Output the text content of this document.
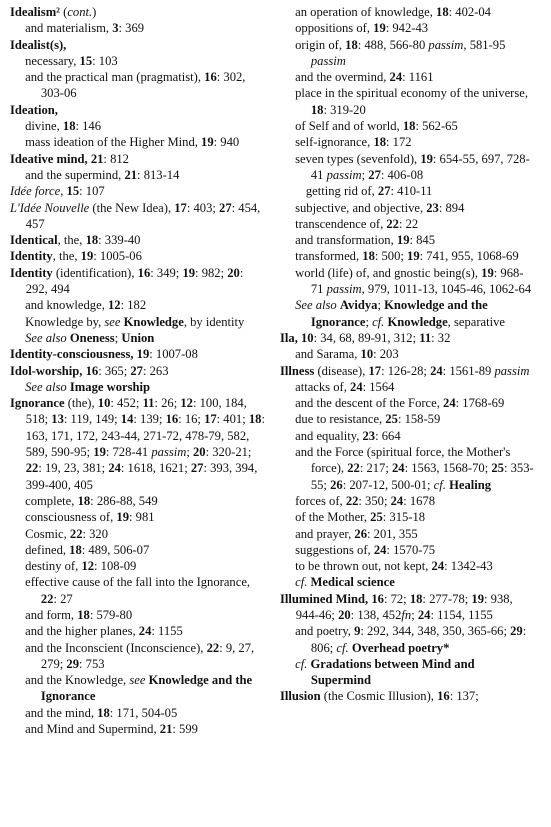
Idealism² (cont.)
and materialism, 3: 369
Idealist(s),
necessary, 15: 103
and the practical man (pragmatist), 16: 302, 303-06
Ideation,
divine, 18: 146
mass ideation of the Higher Mind, 19: 940
Ideative mind, 21: 812
and the supermind, 21: 813-14
Idée force, 15: 107
L'Idée Nouvelle (the New Idea), 17: 403; 27: 454, 457
Identical, the, 18: 339-40
Identity, the, 19: 1005-06
Identity (identification), 16: 349; 19: 982; 20: 292, 494
and knowledge, 12: 182
Knowledge by, see Knowledge, by identity
See also Oneness; Union
Identity-consciousness, 19: 1007-08
Idol-worship, 16: 365; 27: 263
See also Image worship
Ignorance (the), 10: 452; 11: 26; 12: 100, 184, 518; 13: 119, 149; 14: 139; 16: 16; 17: 401; 18: 163, 171, 172, 243-44, 271-72, 478-79, 582, 589, 590-95; 19: 728-41 passim; 20: 320-21; 22: 19, 23, 381; 24: 1618, 1621; 27: 393, 394, 399-400, 405
complete, 18: 286-88, 549
consciousness of, 19: 981
Cosmic, 22: 320
defined, 18: 489, 506-07
destiny of, 12: 108-09
effective cause of the fall into the Ignorance, 22: 27
and form, 18: 579-80
and the higher planes, 24: 1155
and the Inconscient (Inconscience), 22: 9, 27, 279; 29: 753
and the Knowledge, see Knowledge and the Ignorance
and the mind, 18: 171, 504-05
and Mind and Supermind, 21: 599
an operation of knowledge, 18: 402-04
oppositions of, 19: 942-43
origin of, 18: 488, 566-80 passim, 581-95 passim
and the overmind, 24: 1161
place in the spiritual economy of the universe, 18: 319-20
of Self and of world, 18: 562-65
self-ignorance, 18: 172
seven types (sevenfold), 19: 654-55, 697, 728-41 passim; 27: 406-08
getting rid of, 27: 410-11
subjective, and objective, 23: 894
transcendence of, 22: 22
and transformation, 19: 845
transformed, 18: 500; 19: 741, 955, 1068-69
world (life) of, and gnostic being(s), 19: 968-71 passim, 979, 1011-13, 1045-46, 1062-64
See also Avidya; Knowledge and the Ignorance; cf. Knowledge, separative
Ila, 10: 34, 68, 89-91, 312; 11: 32
and Sarama, 10: 203
Illness (disease), 17: 126-28; 24: 1561-89 passim
attacks of, 24: 1564
and the descent of the Force, 24: 1768-69
due to resistance, 25: 158-59
and equality, 23: 664
and the Force (spiritual force, the Mother's force), 22: 217; 24: 1563, 1568-70; 25: 353-55; 26: 207-12, 500-01; cf. Healing
forces of, 22: 350; 24: 1678
of the Mother, 25: 315-18
and prayer, 26: 201, 355
suggestions of, 24: 1570-75
to be thrown out, not kept, 24: 1342-43
cf. Medical science
Illumined Mind, 16: 72; 18: 277-78; 19: 938, 944-46; 20: 138, 452fn; 24: 1154, 1155
and poetry, 9: 292, 344, 348, 350, 365-66; 29: 806; cf. Overhead poetry*
cf. Gradations between Mind and Supermind
Illusion (the Cosmic Illusion), 16: 137;
